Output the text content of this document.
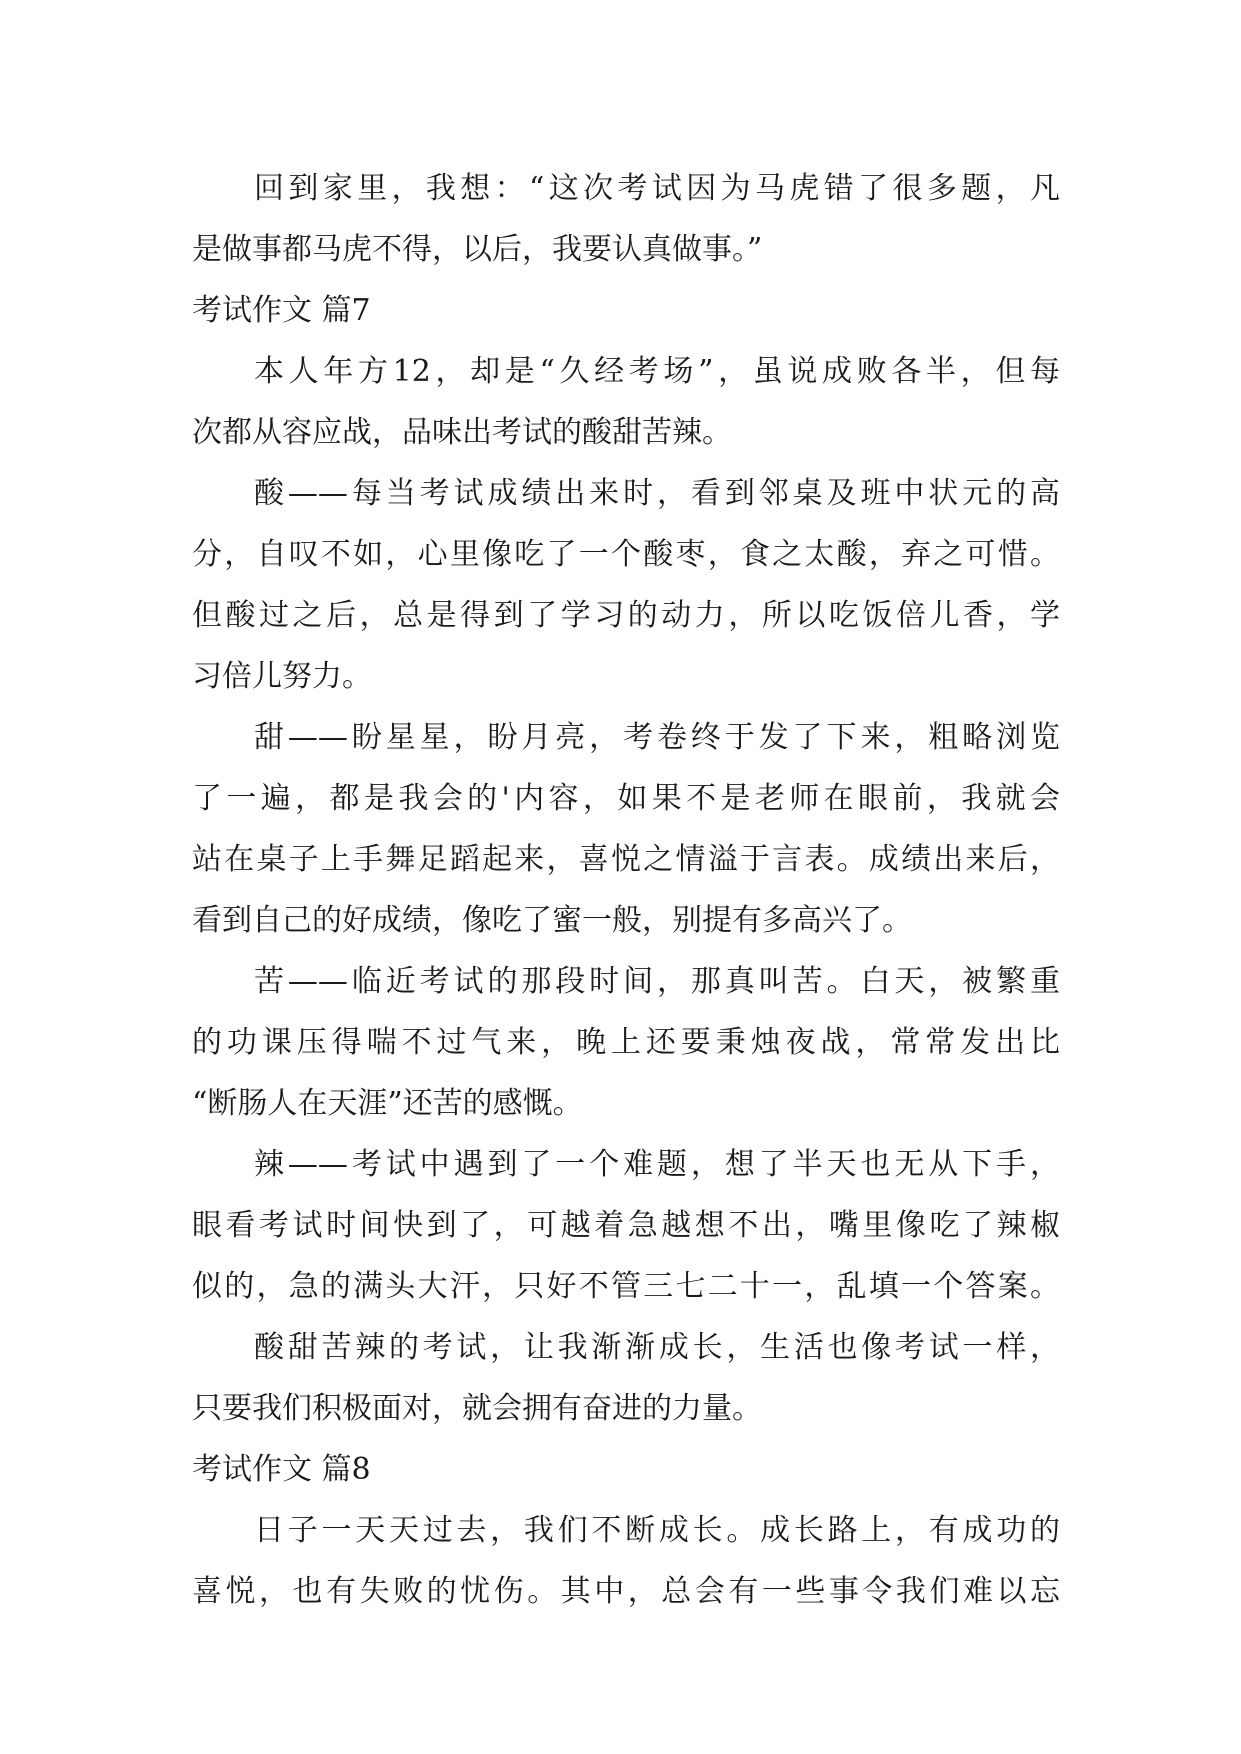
回到家里，我想：“这次考试因为马虎错了很多题，凡
是做事都马虎不得，以后，我要认真做事。”
考试作文 篇7
本人年方12，却是“久经考场”，虽说成败各半，但每
次都从容应战，品味出考试的酸甜苦辣。
酸——每当考试成绩出来时，看到邻桌及班中状元的高
分，自叹不如，心里像吃了一个酸枣，食之太酸，弃之可惜。
但酸过之后，总是得到了学习的动力，所以吃饭倍儿香，学
习倍儿努力。
甜——盼星星，盼月亮，考卷终于发了下来，粗略浏览
了一遍，都是我会的'内容，如果不是老师在眼前，我就会
站在桌子上手舞足蹈起来，喜悦之情溢于言表。成绩出来后，
看到自己的好成绩，像吃了蜜一般，别提有多高兴了。
苦——临近考试的那段时间，那真叫苦。白天，被繁重
的功课压得喘不过气来，晚上还要秉烛夜战，常常发出比
“断肠人在天涯”还苦的感慨。
辣——考试中遇到了一个难题，想了半天也无从下手，
眼看考试时间快到了，可越着急越想不出，嘴里像吃了辣椒
似的，急的满头大汗，只好不管三七二十一，乱填一个答案。
酸甜苦辣的考试，让我渐渐成长，生活也像考试一样，
只要我们积极面对，就会拥有奋进的力量。
考试作文 篇8
日子一天天过去，我们不断成长。成长路上，有成功的
喜悦，也有失败的忧伤。其中，总会有一些事令我们难以忘
